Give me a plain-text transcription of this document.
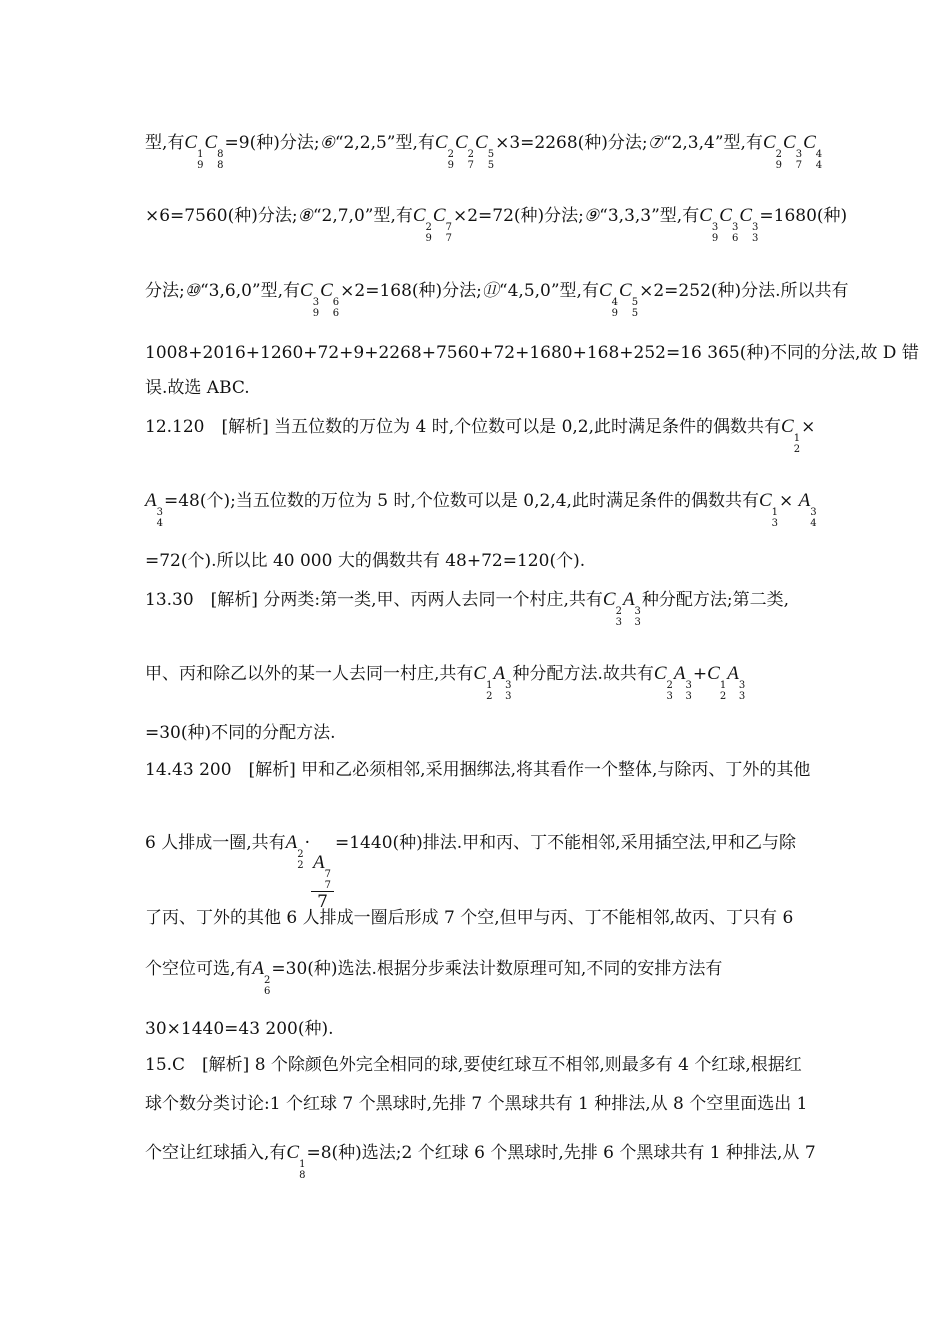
型,有C
1
9
C
8
8
=9(种)分法;⑥“2,2,5”型,有C
2
9
C
2
7
C
5
5
×3=2268(种)分法;⑦“2,3,4”型,有C
2
9
C
3
7
C
4
4
×6=7560(种)分法;⑧“2,7,0”型,有C
2
9
C
7
7
×2=72(种)分法;⑨“3,3,3”型,有C
3
9
C
3
6
C
3
3
=1680(种)
分法;⑩“3,6,0”型,有C
3
9
C
6
6
×2=168(种)分法;⑪“4,5,0”型,有C
4
9
C
5
5
×2=252(种)分法.所以共有
1008+2016+1260+72+9+2268+7560+72+1680+168+252=16 365(种)不同的分法,故 D 错
误.故选 ABC.
12.120　[解析] 当五位数的万位为 4 时,个位数可以是 0,2,此时满足条件的偶数共有C
1
2
×
A
3
4
=48(个);当五位数的万位为 5 时,个位数可以是 0,2,4,此时满足条件的偶数共有C
1
3
× A
3
4
=72(个).所以比 40 000 大的偶数共有 48+72=120(个).
13.30　[解析] 分两类:第一类,甲、丙两人去同一个村庄,共有C
2
3
A
3
3
种分配方法;第二类,
甲、丙和除乙以外的某一人去同一村庄,共有C
1
2
A
3
3
种分配方法.故共有C
2
3
A
3
3
+C
1
2
A
3
3
=30(种)不同的分配方法.
14.43 200　[解析] 甲和乙必须相邻,采用捆绑法,将其看作一个整体,与除丙、丁外的其他
6 人排成一圈,共有A
2
2
·
A
7
7
7
=1440(种)排法.甲和丙、丁不能相邻,采用插空法,甲和乙与除
了丙、丁外的其他 6 人排成一圈后形成 7 个空,但甲与丙、丁不能相邻,故丙、丁只有 6
个空位可选,有A
2
6
=30(种)选法.根据分步乘法计数原理可知,不同的安排方法有
30×1440=43 200(种).
15.C　[解析] 8 个除颜色外完全相同的球,要使红球互不相邻,则最多有 4 个红球,根据红
球个数分类讨论:1 个红球 7 个黑球时,先排 7 个黑球共有 1 种排法,从 8 个空里面选出 1
个空让红球插入,有C
1
8
=8(种)选法;2 个红球 6 个黑球时,先排 6 个黑球共有 1 种排法,从 7
